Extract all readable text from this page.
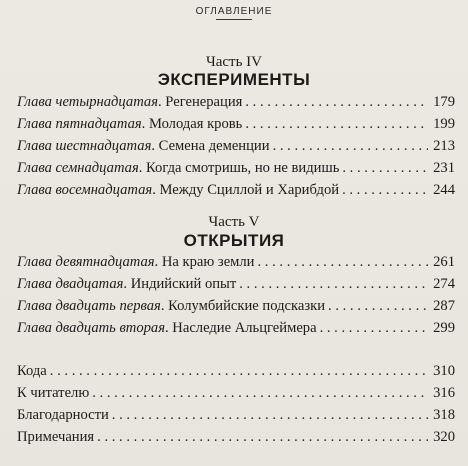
ОГЛАВЛЕНИЕ
Часть IV
ЭКСПЕРИМЕНТЫ
Глава четырнадцатая . Регенерация . . .	179
Глава пятнадцатая . Молодая кровь . . .	199
Глава шестнадцатая . Семена деменции . . .	213
Глава семнадцатая . Когда смотришь, но не видишь . . .	231
Глава восемнадцатая . Между Сциллой и Харибдой . . .	244
Часть V
ОТКРЫТИЯ
Глава девятнадцатая . На краю земли . . .	261
Глава двадцатая . Индийский опыт . . .	274
Глава двадцать первая . Колумбийские подсказки . . .	287
Глава двадцать вторая . Наследие Альцгеймера . . .	299
Кода . . .	310
К читателю . . .	316
Благодарности . . .	318
Примечания . . .	320
